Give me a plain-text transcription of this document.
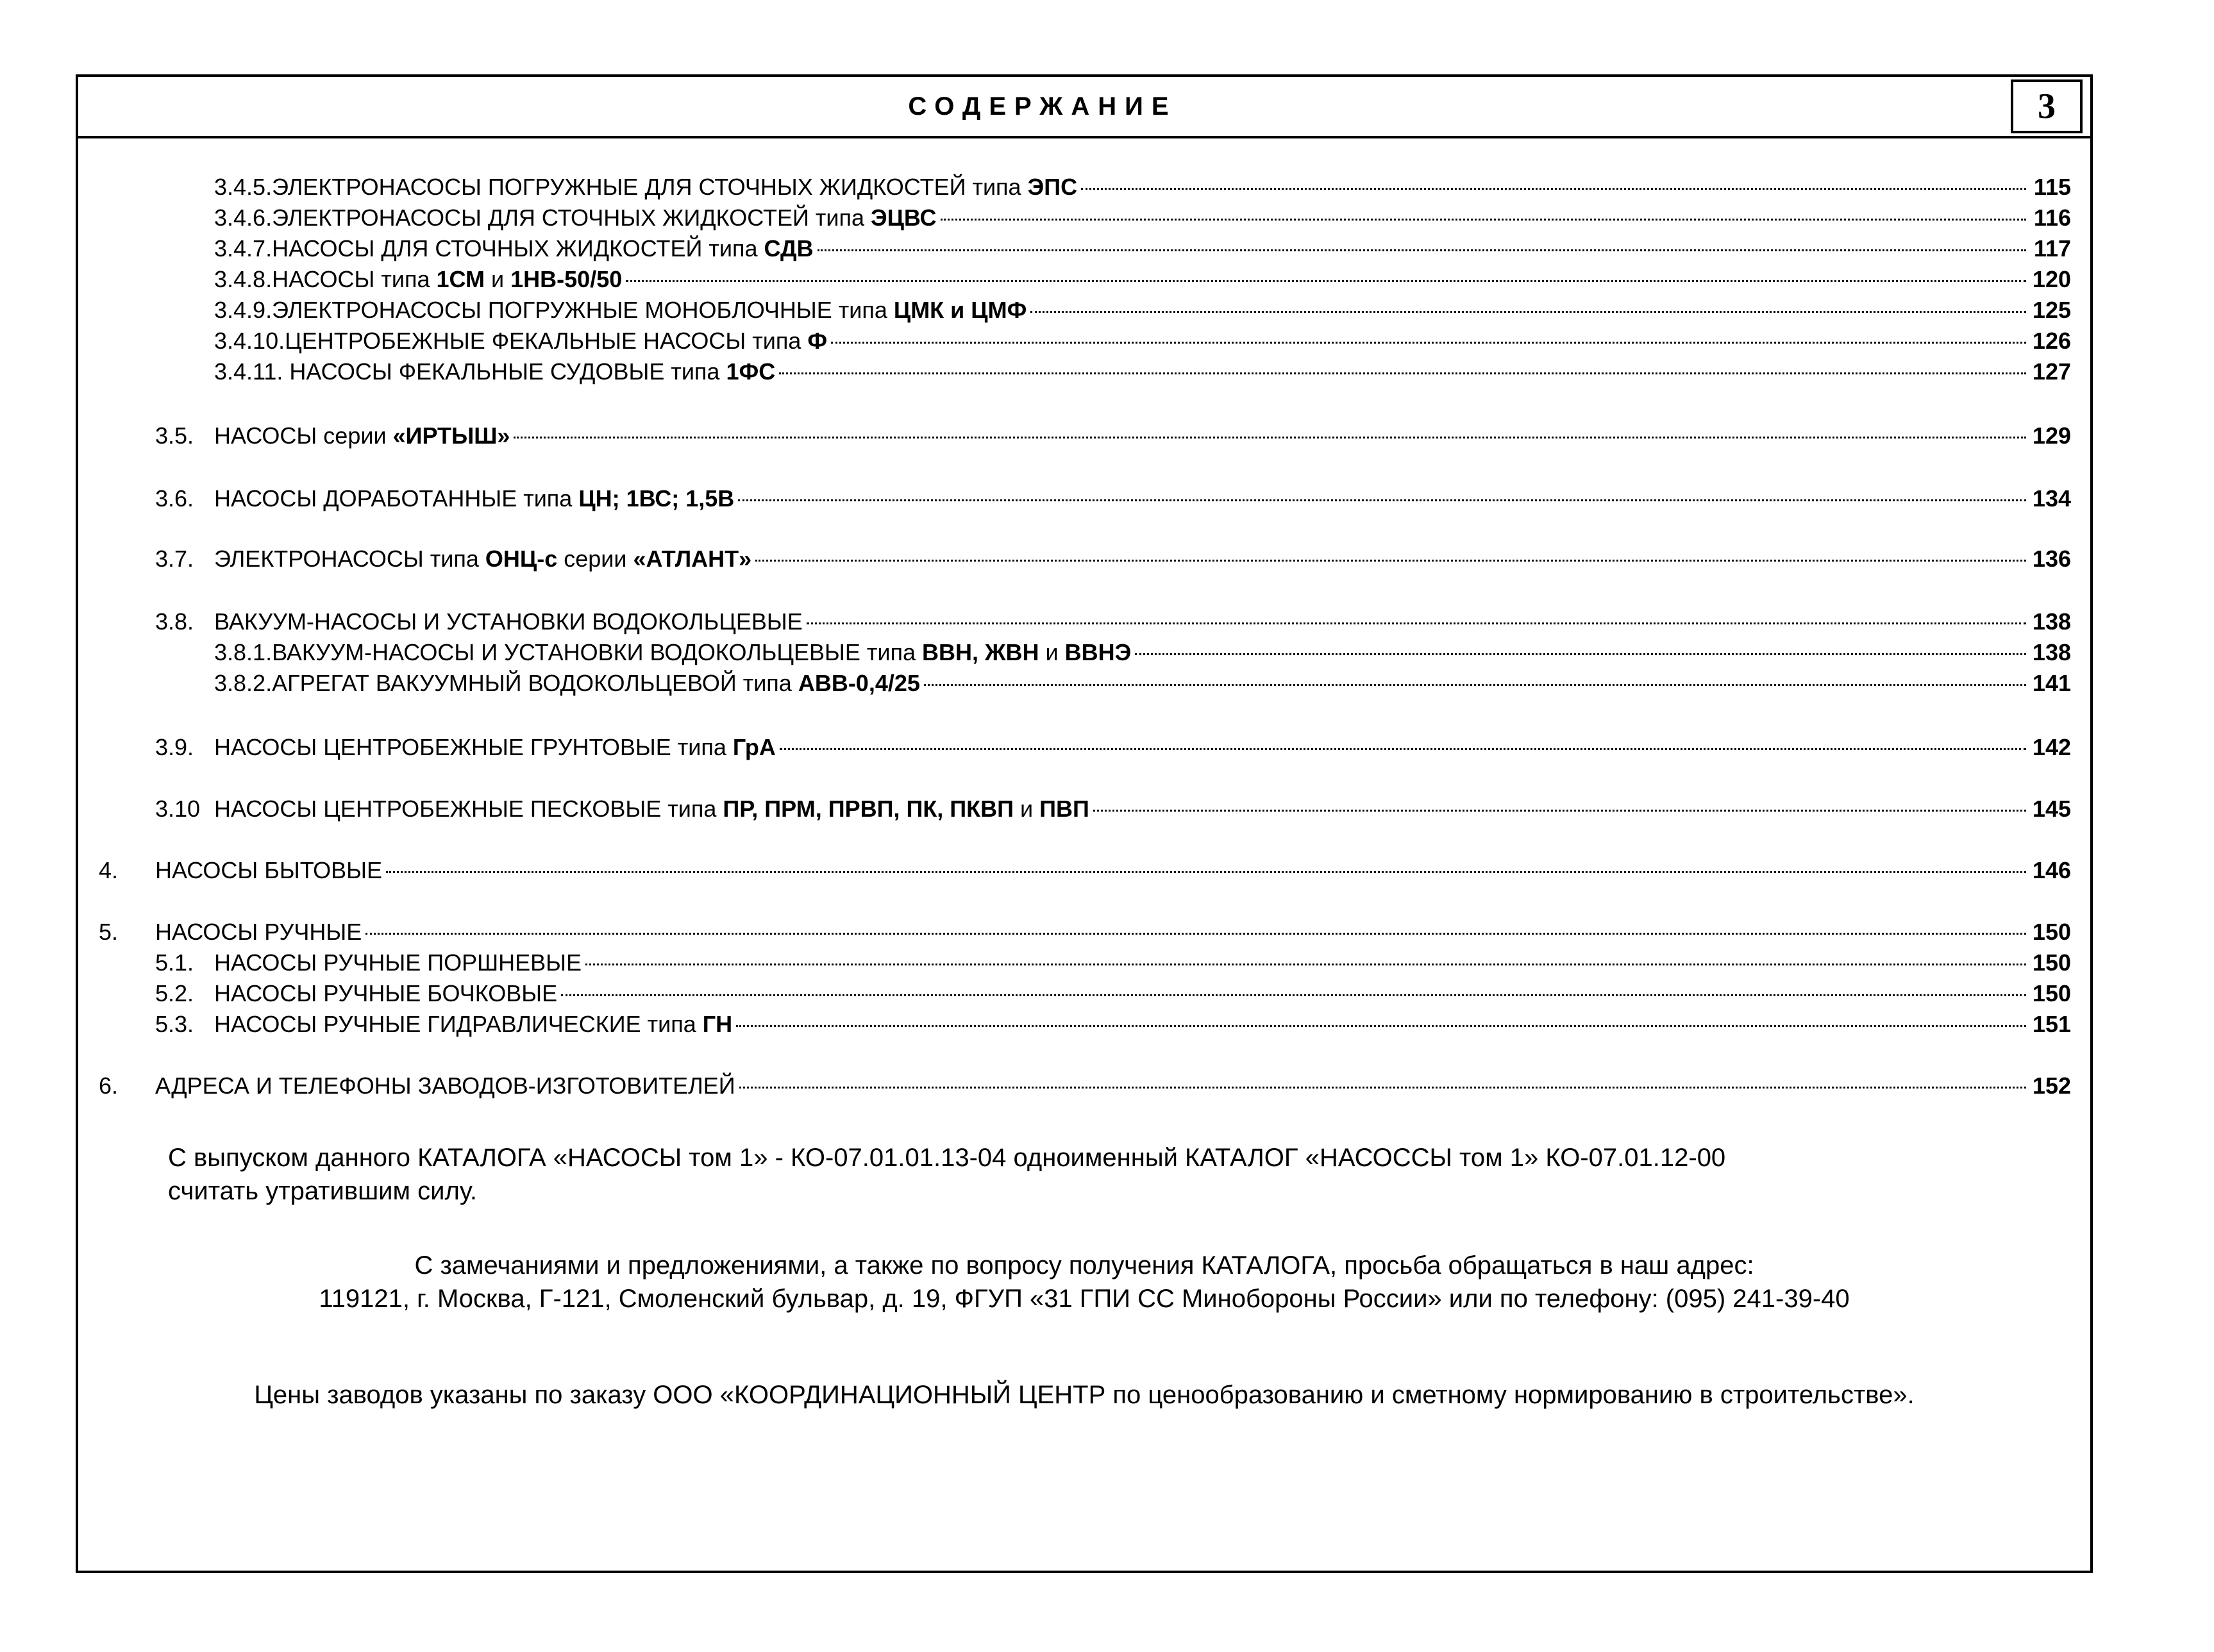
СОДЕРЖАНИЕ	3
3.4.5.ЭЛЕКТРОНАСОСЫ ПОГРУЖНЫЕ ДЛЯ СТОЧНЫХ ЖИДКОСТЕЙ типа ЭПС	115
3.4.6.ЭЛЕКТРОНАСОСЫ ДЛЯ СТОЧНЫХ ЖИДКОСТЕЙ типа ЭЦВС	116
3.4.7.НАСОСЫ ДЛЯ СТОЧНЫХ ЖИДКОСТЕЙ типа СДВ	117
3.4.8.НАСОСЫ типа 1СМ и 1НВ-50/50	120
3.4.9.ЭЛЕКТРОНАСОСЫ ПОГРУЖНЫЕ МОНОБЛОЧНЫЕ типа ЦМК и ЦМФ	125
3.4.10.ЦЕНТРОБЕЖНЫЕ ФЕКАЛЬНЫЕ НАСОСЫ типа Ф	126
3.4.11. НАСОСЫ ФЕКАЛЬНЫЕ СУДОВЫЕ типа 1ФС	127
3.5. НАСОСЫ серии «ИРТЫШ»	129
3.6. НАСОСЫ ДОРАБОТАННЫЕ типа ЦН; 1ВС; 1,5В	134
3.7. ЭЛЕКТРОНАСОСЫ типа ОНЦ-с серии «АТЛАНТ»	136
3.8. ВАКУУМ-НАСОСЫ И УСТАНОВКИ ВОДОКОЛЬЦЕВЫЕ	138
3.8.1.ВАКУУМ-НАСОСЫ И УСТАНОВКИ ВОДОКОЛЬЦЕВЫЕ типа ВВН, ЖВН и ВВНЭ	138
3.8.2.АГРЕГАТ ВАКУУМНЫЙ ВОДОКОЛЬЦЕВОЙ типа АВВ-0,4/25	141
3.9. НАСОСЫ ЦЕНТРОБЕЖНЫЕ ГРУНТОВЫЕ типа ГрА	142
3.10 НАСОСЫ ЦЕНТРОБЕЖНЫЕ ПЕСКОВЫЕ типа ПР, ПРМ, ПРВП, ПК, ПКВП и ПВП	145
4. НАСОСЫ БЫТОВЫЕ	146
5. НАСОСЫ РУЧНЫЕ	150
5.1. НАСОСЫ РУЧНЫЕ ПОРШНЕВЫЕ	150
5.2. НАСОСЫ РУЧНЫЕ БОЧКОВЫЕ	150
5.3. НАСОСЫ РУЧНЫЕ ГИДРАВЛИЧЕСКИЕ типа ГН	151
6. АДРЕСА И ТЕЛЕФОНЫ ЗАВОДОВ-ИЗГОТОВИТЕЛЕЙ	152
С выпуском данного КАТАЛОГА «НАСОСЫ том 1» - КО-07.01.01.13-04 одноименный КАТАЛОГ «НАСОССЫ том 1» КО-07.01.12-00
считать утратившим силу.
С замечаниями и предложениями, а также по вопросу получения КАТАЛОГА, просьба обращаться в наш адрес:
119121, г. Москва, Г-121, Смоленский бульвар, д. 19, ФГУП «31 ГПИ СС Минобороны России» или по телефону: (095) 241-39-40
Цены заводов указаны по заказу ООО «КООРДИНАЦИОННЫЙ ЦЕНТР по ценообразованию и сметному нормированию в строительстве».
